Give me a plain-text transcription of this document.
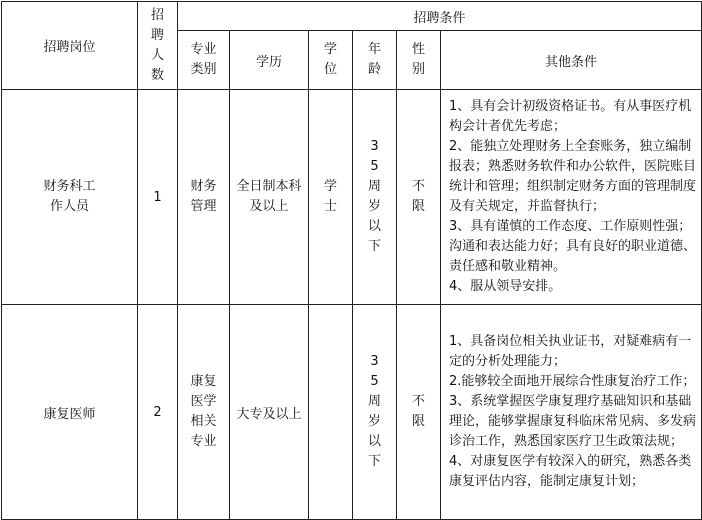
招聘岗位	招聘人数	招聘条件					

		专业类别	学历	学位	年龄	性别	其他条件

财务科工作人员	1	财务管理	全日制本科及以上	学士	35周岁以下	不限	1、具有会计初级资格证书。有从事医疗机构会计者优先考虑；
2、能独立处理财务上全套账务，独立编制报表；熟悉财务软件和办公软件，医院账目统计和管理；组织制定财务方面的管理制度及有关规定，并监督执行；
3、具有谨慎的工作态度、工作原则性强；沟通和表达能力好；具有良好的职业道德、责任感和敬业精神。
4、服从领导安排。

康复医师	2	康复医学相关专业	大专及以上		35周岁以下	不限	1、具备岗位相关执业证书，对疑难病有一定的分析处理能力；
2.能够较全面地开展综合性康复治疗工作；
3、系统掌握医学康复理疗基础知识和基础理论，能够掌握康复科临床常见病、多发病诊治工作，熟悉国家医疗卫生政策法规；
4、对康复医学有较深入的研究，熟悉各类康复评估内容，能制定康复计划；
